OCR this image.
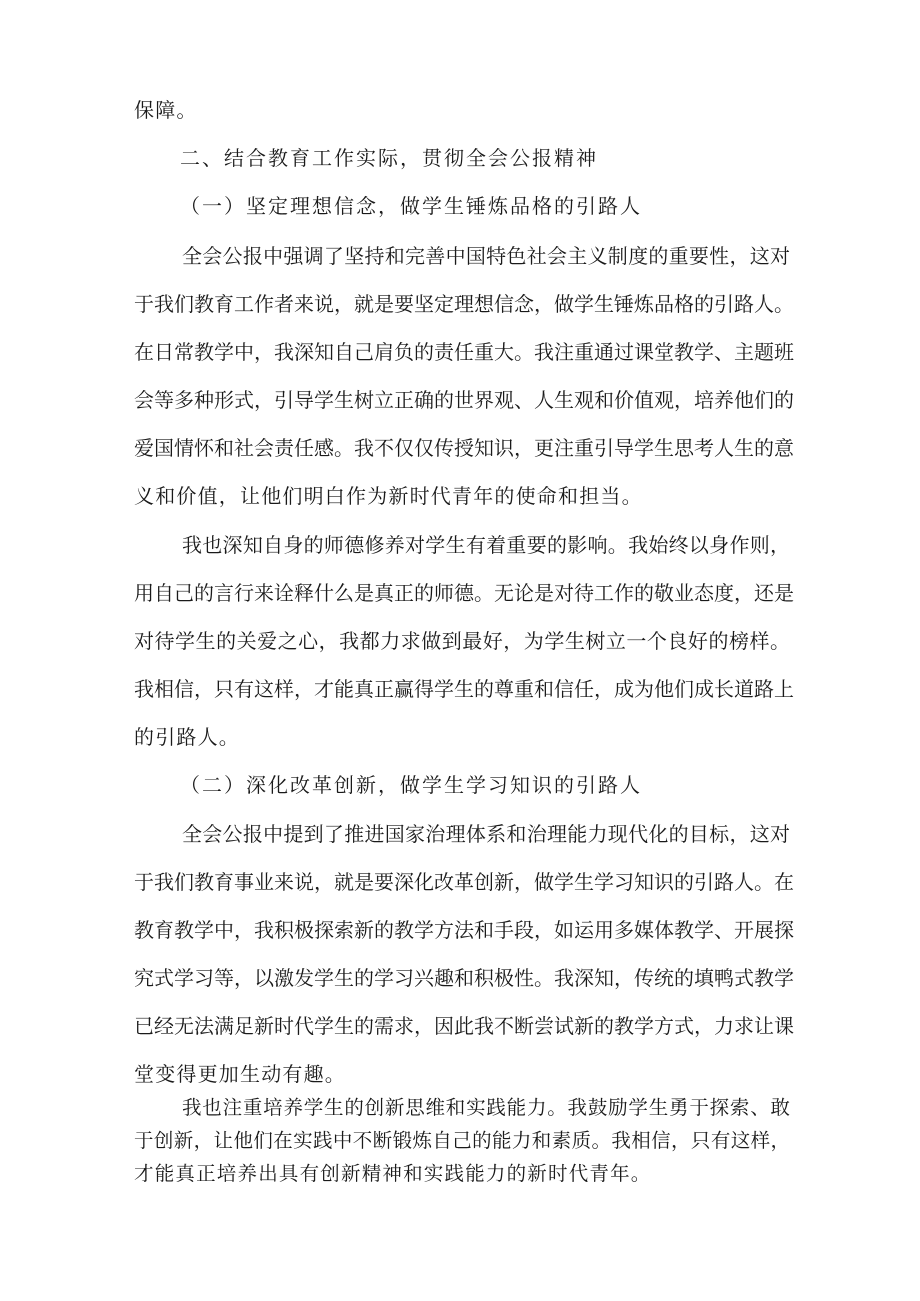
保障。
二、结合教育工作实际，贯彻全会公报精神
（一）坚定理想信念，做学生锤炼品格的引路人
全会公报中强调了坚持和完善中国特色社会主义制度的重要性，这对
于我们教育工作者来说，就是要坚定理想信念，做学生锤炼品格的引路人。
在日常教学中，我深知自己肩负的责任重大。我注重通过课堂教学、主题班
会等多种形式，引导学生树立正确的世界观、人生观和价值观，培养他们的
爱国情怀和社会责任感。我不仅仅传授知识，更注重引导学生思考人生的意
义和价值，让他们明白作为新时代青年的使命和担当。
我也深知自身的师德修养对学生有着重要的影响。我始终以身作则，
用自己的言行来诠释什么是真正的师德。无论是对待工作的敬业态度，还是
对待学生的关爱之心，我都力求做到最好，为学生树立一个良好的榜样。
我相信，只有这样，才能真正赢得学生的尊重和信任，成为他们成长道路上
的引路人。
（二）深化改革创新，做学生学习知识的引路人
全会公报中提到了推进国家治理体系和治理能力现代化的目标，这对
于我们教育事业来说，就是要深化改革创新，做学生学习知识的引路人。在
教育教学中，我积极探索新的教学方法和手段，如运用多媒体教学、开展探
究式学习等，以激发学生的学习兴趣和积极性。我深知，传统的填鸭式教学
已经无法满足新时代学生的需求，因此我不断尝试新的教学方式，力求让课
堂变得更加生动有趣。
我也注重培养学生的创新思维和实践能力。我鼓励学生勇于探索、敢
于创新，让他们在实践中不断锻炼自己的能力和素质。我相信，只有这样，
才能真正培养出具有创新精神和实践能力的新时代青年。
